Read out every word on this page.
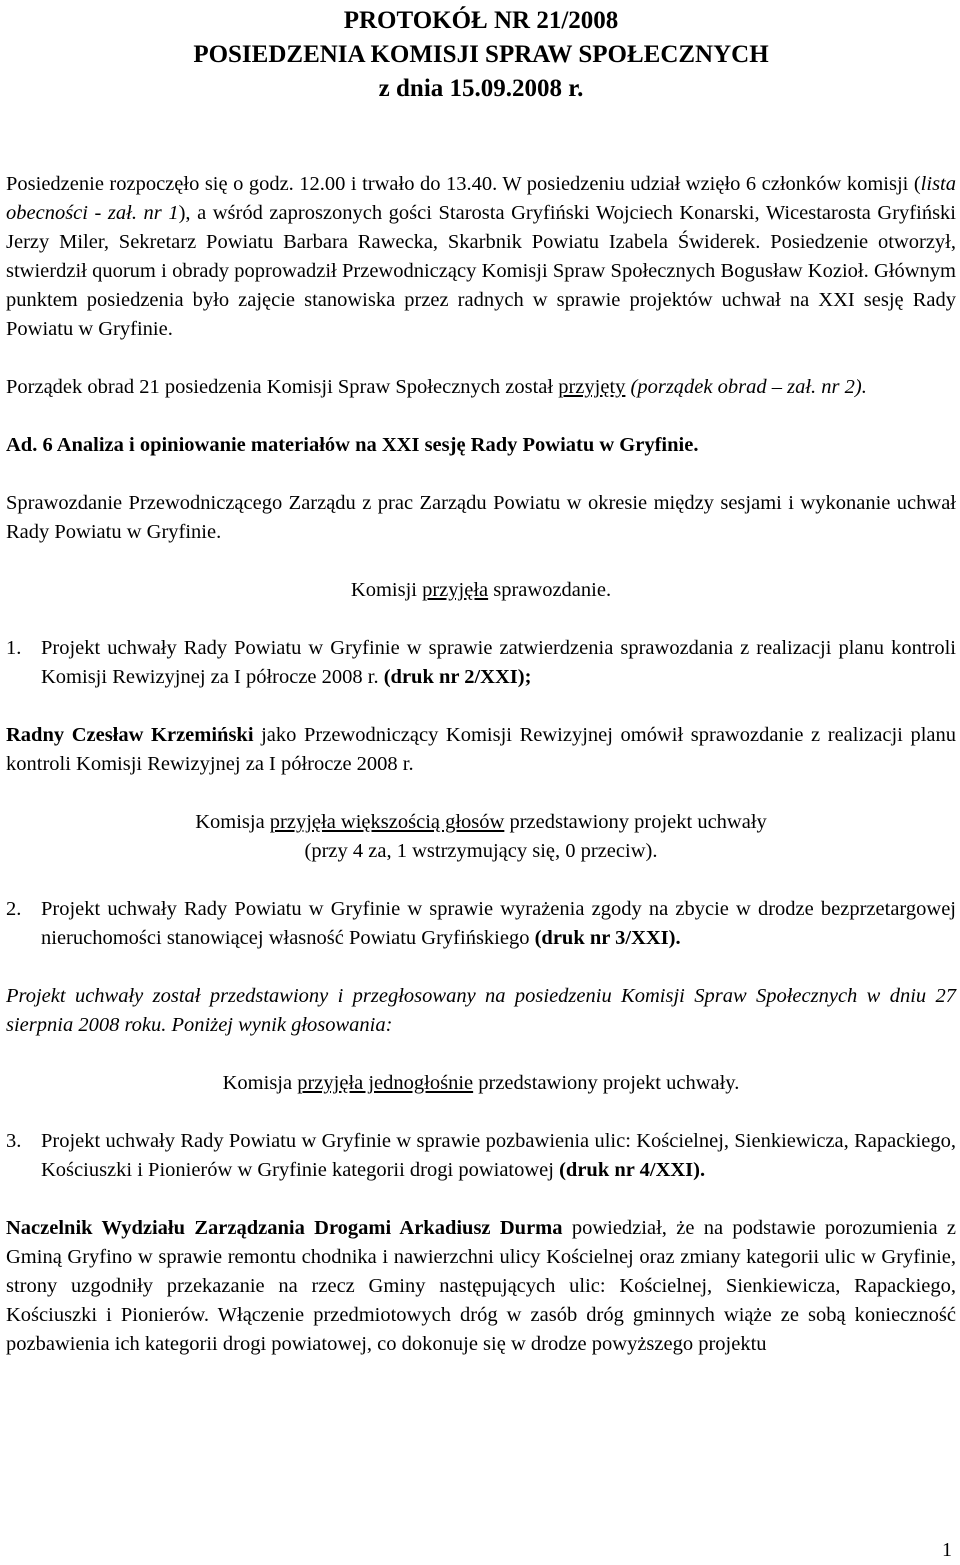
PROTOKÓŁ NR 21/2008
POSIEDZENIA KOMISJI SPRAW SPOŁECZNYCH
z dnia 15.09.2008 r.

Posiedzenie rozpoczęło się o godz. 12.00 i trwało do 13.40. W posiedzeniu udział wzięło 6 członków komisji (lista obecności - zał. nr 1), a wśród zaproszonych gości Starosta Gryfiński Wojciech Konarski, Wicestarosta Gryfiński Jerzy Miler, Sekretarz Powiatu Barbara Rawecka, Skarbnik Powiatu Izabela Świderek. Posiedzenie otworzył, stwierdził quorum i obrady poprowadził Przewodniczący Komisji Spraw Społecznych Bogusław Kozioł. Głównym punktem posiedzenia było zajęcie stanowiska przez radnych w sprawie projektów uchwał na XXI sesję Rady Powiatu w Gryfinie.

Porządek obrad 21 posiedzenia Komisji Spraw Społecznych został przyjęty (porządek obrad – zał. nr 2).

Ad. 6 Analiza i opiniowanie materiałów na XXI sesję Rady Powiatu w Gryfinie.

Sprawozdanie Przewodniczącego Zarządu z prac Zarządu Powiatu w okresie między sesjami i wykonanie uchwał Rady Powiatu w Gryfinie.

Komisji przyjęła sprawozdanie.

1. Projekt uchwały Rady Powiatu w Gryfinie w sprawie zatwierdzenia sprawozdania z realizacji planu kontroli Komisji Rewizyjnej za I półrocze 2008 r. (druk nr 2/XXI);

Radny Czesław Krzemiński jako Przewodniczący Komisji Rewizyjnej omówił sprawozdanie z realizacji planu kontroli Komisji Rewizyjnej za I półrocze 2008 r.

Komisja przyjęła większością głosów przedstawiony projekt uchwały
(przy 4 za, 1 wstrzymujący się, 0 przeciw).
2. Projekt uchwały Rady Powiatu w Gryfinie w sprawie wyrażenia zgody na zbycie w drodze bezprzetargowej nieruchomości stanowiącej własność Powiatu Gryfińskiego (druk nr 3/XXI).

Projekt uchwały został przedstawiony i przegłosowany na posiedzeniu Komisji Spraw Społecznych w dniu 27 sierpnia 2008 roku. Poniżej wynik głosowania:

Komisja przyjęła jednogłośnie przedstawiony projekt uchwały.

3. Projekt uchwały Rady Powiatu w Gryfinie w sprawie pozbawienia ulic: Kościelnej, Sienkiewicza, Rapackiego, Kościuszki i Pionierów w Gryfinie kategorii drogi powiatowej (druk nr 4/XXI).

Naczelnik Wydziału Zarządzania Drogami Arkadiusz Durma powiedział, że na podstawie porozumienia z Gminą Gryfino w sprawie remontu chodnika i nawierzchni ulicy Kościelnej oraz zmiany kategorii ulic w Gryfinie, strony uzgodniły przekazanie na rzecz Gminy następujących ulic: Kościelnej, Sienkiewicza, Rapackiego, Kościuszki i Pionierów. Włączenie przedmiotowych dróg w zasób dróg gminnych wiąże ze sobą konieczność pozbawienia ich kategorii drogi powiatowej, co dokonuje się w drodze powyższego projektu

1
